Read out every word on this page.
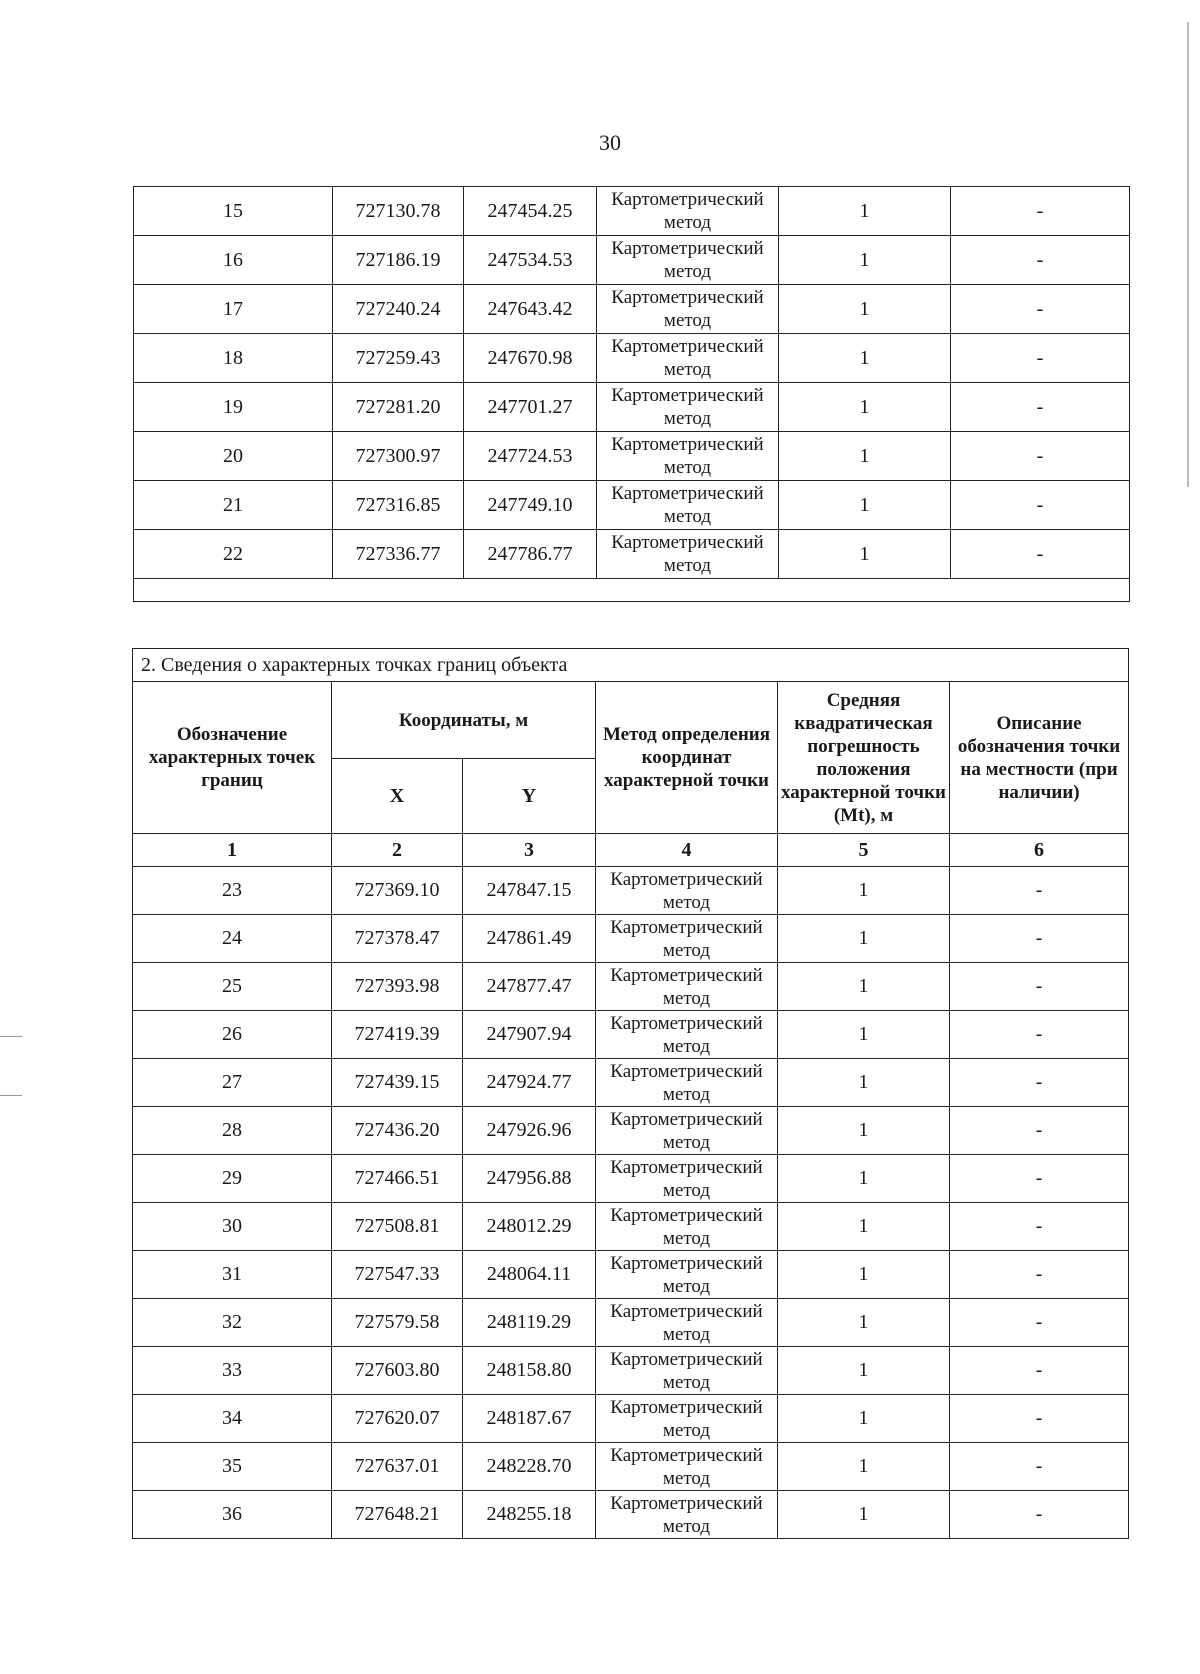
30
15	727130.78	247454.25	Картометрический метод	1	-
16	727186.19	247534.53	Картометрический метод	1	-
17	727240.24	247643.42	Картометрический метод	1	-
18	727259.43	247670.98	Картометрический метод	1	-
19	727281.20	247701.27	Картометрический метод	1	-
20	727300.97	247724.53	Картометрический метод	1	-
21	727316.85	247749.10	Картометрический метод	1	-
22	727336.77	247786.77	Картометрический метод	1	-

2. Сведения о характерных точках границ объекта					
Обозначение характерных точек границ	Координаты, м		Метод определения координат характерной точки	Средняя квадратическая погрешность положения характерной точки (Mt), м	Описание обозначения точки на местности (при наличии)
	X	Y			
1	2	3	4	5	6
23	727369.10	247847.15	Картометрический метод	1	-
24	727378.47	247861.49	Картометрический метод	1	-
25	727393.98	247877.47	Картометрический метод	1	-
26	727419.39	247907.94	Картометрический метод	1	-
27	727439.15	247924.77	Картометрический метод	1	-
28	727436.20	247926.96	Картометрический метод	1	-
29	727466.51	247956.88	Картометрический метод	1	-
30	727508.81	248012.29	Картометрический метод	1	-
31	727547.33	248064.11	Картометрический метод	1	-
32	727579.58	248119.29	Картометрический метод	1	-
33	727603.80	248158.80	Картометрический метод	1	-
34	727620.07	248187.67	Картометрический метод	1	-
35	727637.01	248228.70	Картометрический метод	1	-
36	727648.21	248255.18	Картометрический метод	1	-
